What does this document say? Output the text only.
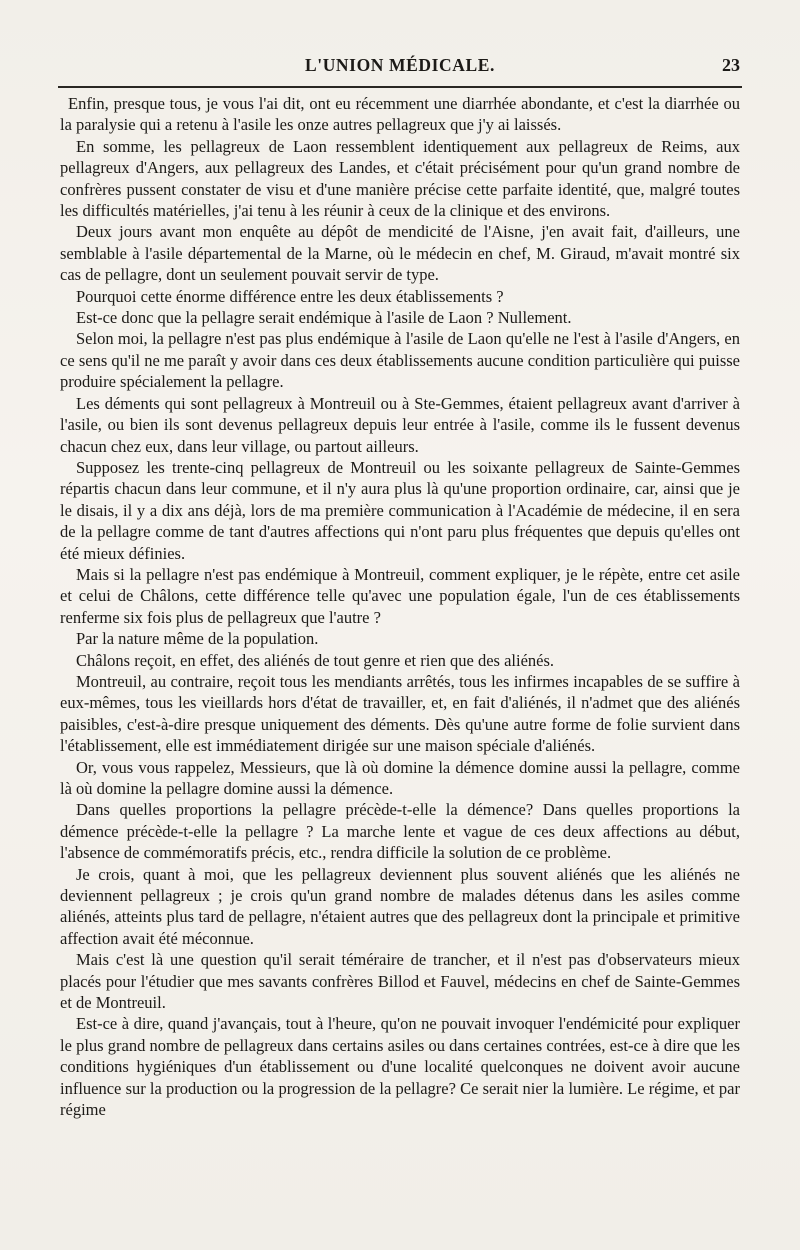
L'UNION MÉDICALE.	23

Enfin, presque tous, je vous l'ai dit, ont eu récemment une diarrhée abondante, et c'est la diarrhée ou la paralysie qui a retenu à l'asile les onze autres pellagreux que j'y ai laissés.

En somme, les pellagreux de Laon ressemblent identiquement aux pellagreux de Reims, aux pellagreux d'Angers, aux pellagreux des Landes, et c'était précisément pour qu'un grand nombre de confrères pussent constater de visu et d'une manière précise cette parfaite identité, que, malgré toutes les difficultés matérielles, j'ai tenu à les réunir à ceux de la clinique et des environs.

Deux jours avant mon enquête au dépôt de mendicité de l'Aisne, j'en avait fait, d'ailleurs, une semblable à l'asile départemental de la Marne, où le médecin en chef, M. Giraud, m'avait montré six cas de pellagre, dont un seulement pouvait servir de type.

Pourquoi cette énorme différence entre les deux établissements ?

Est-ce donc que la pellagre serait endémique à l'asile de Laon ? Nullement.

Selon moi, la pellagre n'est pas plus endémique à l'asile de Laon qu'elle ne l'est à l'asile d'Angers, en ce sens qu'il ne me paraît y avoir dans ces deux établissements aucune condition particulière qui puisse produire spécialement la pellagre.

Les déments qui sont pellagreux à Montreuil ou à Ste-Gemmes, étaient pellagreux avant d'arriver à l'asile, ou bien ils sont devenus pellagreux depuis leur entrée à l'asile, comme ils le fussent devenus chacun chez eux, dans leur village, ou partout ailleurs.

Supposez les trente-cinq pellagreux de Montreuil ou les soixante pellagreux de Sainte-Gemmes répartis chacun dans leur commune, et il n'y aura plus là qu'une proportion ordinaire, car, ainsi que je le disais, il y a dix ans déjà, lors de ma première communication à l'Académie de médecine, il en sera de la pellagre comme de tant d'autres affections qui n'ont paru plus fréquentes que depuis qu'elles ont été mieux définies.

Mais si la pellagre n'est pas endémique à Montreuil, comment expliquer, je le répète, entre cet asile et celui de Châlons, cette différence telle qu'avec une population égale, l'un de ces établissements renferme six fois plus de pellagreux que l'autre ?

Par la nature même de la population.

Châlons reçoit, en effet, des aliénés de tout genre et rien que des aliénés.

Montreuil, au contraire, reçoit tous les mendiants arrêtés, tous les infirmes incapables de se suffire à eux-mêmes, tous les vieillards hors d'état de travailler, et, en fait d'aliénés, il n'admet que des aliénés paisibles, c'est-à-dire presque uniquement des déments. Dès qu'une autre forme de folie survient dans l'établissement, elle est immédiatement dirigée sur une maison spéciale d'aliénés.

Or, vous vous rappelez, Messieurs, que là où domine la démence domine aussi la pellagre, comme là où domine la pellagre domine aussi la démence.

Dans quelles proportions la pellagre précède-t-elle la démence? Dans quelles proportions la démence précède-t-elle la pellagre ? La marche lente et vague de ces deux affections au début, l'absence de commémoratifs précis, etc., rendra difficile la solution de ce problème.

Je crois, quant à moi, que les pellagreux deviennent plus souvent aliénés que les aliénés ne deviennent pellagreux ; je crois qu'un grand nombre de malades détenus dans les asiles comme aliénés, atteints plus tard de pellagre, n'étaient autres que des pellagreux dont la principale et primitive affection avait été méconnue.

Mais c'est là une question qu'il serait téméraire de trancher, et il n'est pas d'observateurs mieux placés pour l'étudier que mes savants confrères Billod et Fauvel, médecins en chef de Sainte-Gemmes et de Montreuil.

Est-ce à dire, quand j'avançais, tout à l'heure, qu'on ne pouvait invoquer l'endémicité pour expliquer le plus grand nombre de pellagreux dans certains asiles ou dans certaines contrées, est-ce à dire que les conditions hygiéniques d'un établissement ou d'une localité quelconques ne doivent avoir aucune influence sur la production ou la progression de la pellagre? Ce serait nier la lumière. Le régime, et par régime
